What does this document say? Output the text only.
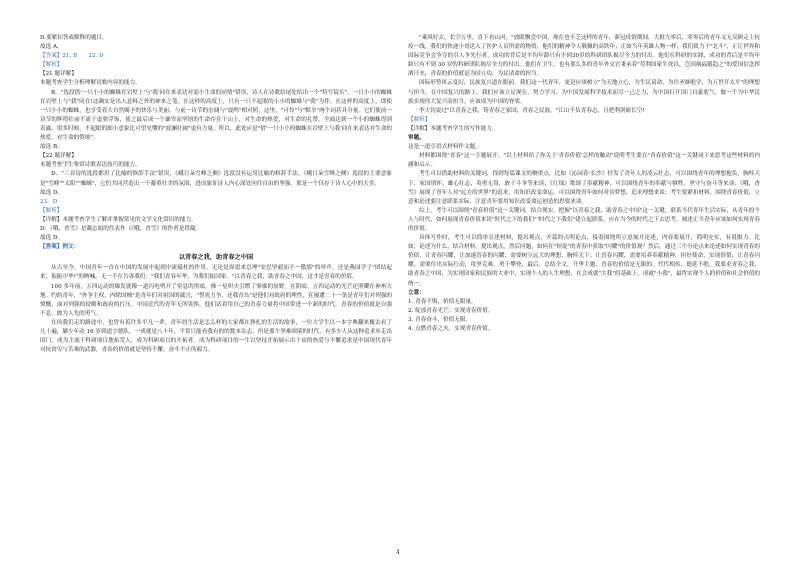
D.要紧扣答或解释的题目。

故选 A。

【答案】21. B　　22. D

【解析】

【21 题详解】

本题考查学生分析理解诗歌内容的能力。

B．"选段借'一只小小的蜘蛛在岩壁上'与'我'同在来表达对弱小生命的同情"错误，诗人在诗歌结尾处给出一个"特写镜头"，一只小小的蜘蛛在岩壁上与"我"同在!这确实是出人意料之外的神来之笔。在这样的高度上，只有一只不起眼的小小的蜘蛛与"我"为伴。在这样的高度上，即使一只小小的蜘蛛，也享受着大自然赐予的快乐与美丽。与前一诗节的宏阔与"震鸣"相对照，这里，"可怜"与"默享"两个词甚具分量。它们使前一诗节的辉煌壮丽不流于虚骄浮饰，使之最后成一个谦卑而坚韧的生命存在于山上，对生命的热爱，对生命的礼赞。全面达到一个小的蜘蛛得到表露。很多时候，不起眼的细小意象比可望见懂的"波澜壮阔"更有力量。所以，此处应是"借'一只小小的蜘蛛在岩壁上与我'同在来表达对生命的热爱，对生命的赞颂"。

故选 B。

【22 题详解】

本题考查学生鉴赏诗歌表达技巧的能力。

D．"三首诗的选段都用了比喻的修辞手法"错误，《峨日朵雪峰之侧》选段没有运用比喻的修辞手法。《峨日朵雪峰之侧》选段的主要意象是"雪峰""太阳""蜘蛛"，它们共同营造出一个凝重壮美的氛围，进而象征诗人内心深处向往自由的坚强，那是一个仅存于诗人心中的天堂。

故选 D。

23．D

【解析】

【详解】本题考查学生了解并掌握常见的文学文化常识的能力。

D．《哦，香雪》是凝志娟的代表作（《哦，香雪》的作者是铁凝。

故选 D。

【答案】例文：

以青春之我，助青春之中国

从古至今，中国青年一直在中国的发展中起到中流砥柱的作用。无论是周恩来总理"安忍坚毅而不一傲那"的呼声，还是燕园学子"团结起来，振振中华!"的呐喊，无一不在告诉我们："我们青春年华，为我们振国家。"以青春之我，助青春之中国，这才是青春的价值。

100 多年前，五四运动的爆发就像一道闪电劈开了窒息的黑暗，像一星炽火引燃了寥廓的原野。在阴暗，五四运动的光芒还照耀在神州大地。约的青年，"外争主权，内除国贼"是青年们对祖国的诚言，"誓死力争，还我青岛"是他们对政府的理性，在屡遭二十一条是青年们对列强的愤慨，面对列强的侵略和政府的打压，中国近代的青年无所畏惧，他们试着用自己的青春力量将中国带进一个新的时代。青春的价值就是自强不息，敢为人先的勇气。

在伟我们走的路途中，也曾有着许多平凡一辈，青年的生活是怎么样的大家都在挣扎的生活的故事，一位大学生以一本字典翻来覆去看了几十遍，躺少年动 16 岁到道字德队，一成就是八十年，平常只能看我有的的数本杂志。但是那个坚难困境的时代，有多少人从这种追求步走出国门，成为主流于科研项目地拓荒人，成为科研项目的开拓者。成为科研项目的一生以坚持开拓展示出于由的热爱与不懈追求是中国现代青年对抗贫穷与苦难的武器，青春的价值就是坚持不懈，奋斗不止的毅力。

"乘风好去，长空万里，直下看山河。"放眼飘壹中国，现在也不乏这样的青年，新冠疫情期间，大批九零后、零零后的青年义无反顾走上抗疫一线，我们的快递小哥送入了医护人员所需的物资，他们的精神令人敬佩的高铁年；正如当年英雄人物一样，我们致力于"北斗"，正让世界和国际竞争会争夺的引人争先行者，成功的背后是平均年龄只有不到30岁的科研团队揭尽全力的付出。他们在科研的实践，成功的背后是平均年龄只有不到 30 岁的科研团队揭尽全力的付出。他们在卫生，也有那么多的青年外交官秉承着"苟利国家生死以，岂因祸福避趋之"的爱国信念挥洒汗水，青春的价值就是为国立功，为民请命的担当。

国际形势风云变幻，民族复兴道在眼前。我们这一代青年，更是应该树立"为天地立心，为生民请命，为往圣继绝学，为万世开太平"的理想与担当，在中国复兴的路上，我们应该立足现在，努力学习，为中国发展科学技术而尽一己之力，为中国打开国门自豪底气。做一个为中华民族实现伟大复兴而担当，应该成为中国的脊梁。

李大钊说过"以青春之我，铸青春之家国，青春之民族。"江山不负青春志，且把利剑砺长空!

【解析】

【详解】本题考查学生的写作能力。

审题。

这是一道引语式材料作文题。

材料都围绕"青春"这一主题展开。"以上材料给了你关于'青春价值'怎样的触动"说明考生要在"青春价值"这一关键词下来思考这些材料的内涵和启示。

考生可以借助材料的关键词，找到每篇课文的侧重点，比如《沁园春·长沙》抒发了青年人的凌云壮志，可以围绕青年的理想抱负，胸怀天下，家国情怀，雄心壮志，英勇无畏，敢于斗争等来谈；《红烛》歌颂了奉献精神，可以围绕青年的奉献与牺牲，坚守与奋斗等来谈；《哦，香雪》展现了青年人对"远方的世界"的追求，用知识改变命运，可以围绕青年如何对待梦想，追求理想来谈；考生要紧扣材料，围绕青春价值，立意和论述要注意联系实际，注意青年要用知识改变命运创造的思要来谈。

综上，考生可以围绕"青春价值"这一关键词，结合现实，把握"以青春之我，助青春之中国"这一关键，联系当代青年生活实际，从青年的个人与时代，如何展现青春价值来谈"时代之下的我们""时代之下我们"建立起联系，应在当今的时代之下去思考，阐述正当青年应该如何实现青春的价值。

具体写作时，考生可以简单引述材料，提出观点，开篇的点明论点，接着围绕所立意展开论述，内容要展开，简明充实，有说服力。比如，论述为什么，结合材料，提出观点，然后问题，如何在"短促"的青春中获取"闪耀"的价值观？然后，通过三个分论点来论述如何实现青春的价值，让青春闪耀，让加速青春的闪耀，需要树立远大的理想，胸怀天下；让青春闪耀，需要培养奉献精神，担好使命，实现价值；让青春闪耀，需要付出实际行动，攻坚克难，勇于攀登，最后，总结全文，升华主题，青春的价值是无限的，代代相传，德延不绝，我要求青春之我，助青春之中国，为实现国家和民族的大业中，实现个人的人生理想，在会成就"大我"的基础上，成就"小我"，最终实现个人的价值和社会价值的统一。

立意：

1. 青春不悔，价值无限量。

2. 绽放青春光芒，实现青春价值。

3. 青春奋斗，价值无限。

4. 点燃青春之火，实现青春价值。

4
